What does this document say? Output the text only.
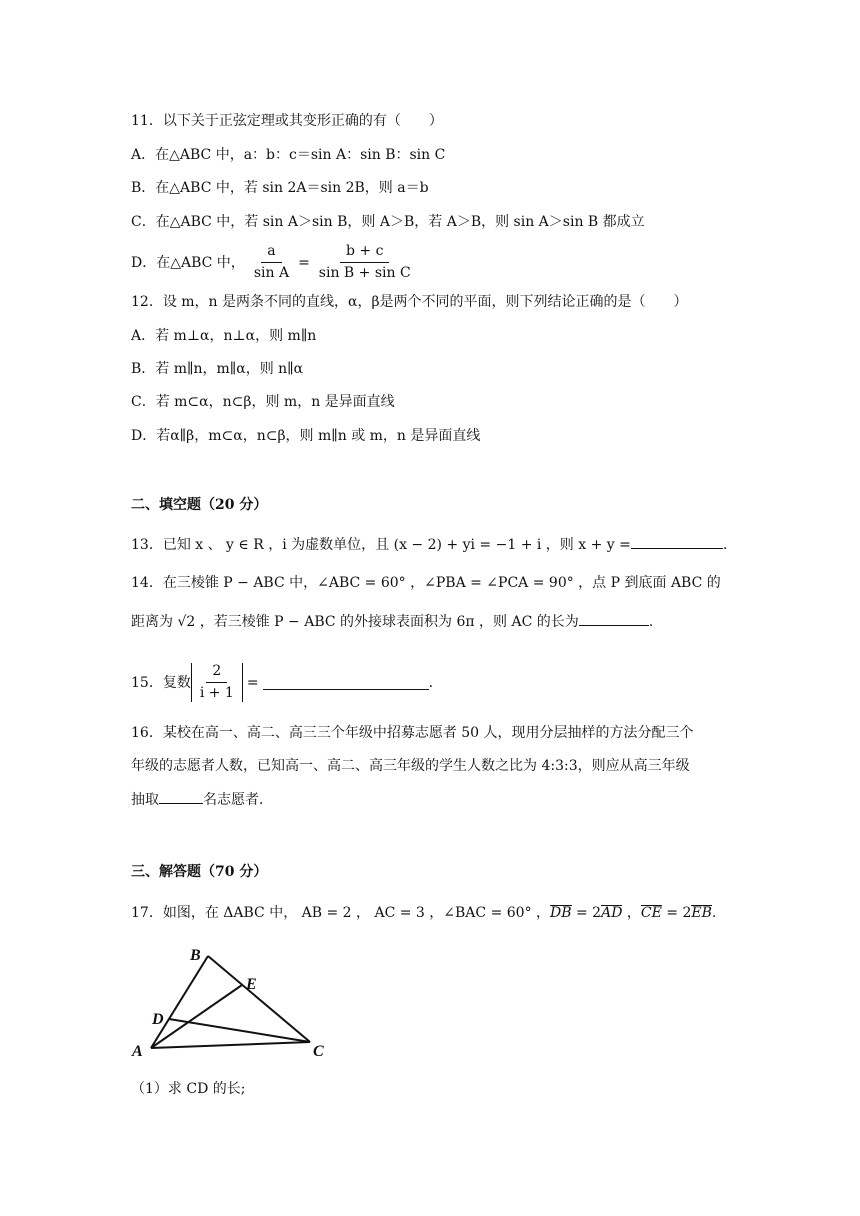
11．以下关于正弦定理或其变形正确的有（　　）
A．在△ABC 中，a：b：c＝sin A：sin B：sin C
B．在△ABC 中，若 sin 2A＝sin 2B，则 a＝b
C．在△ABC 中，若 sin A＞sin B，则 A＞B，若 A＞B，则 sin A＞sin B 都成立
D．在△ABC 中， $\frac{a}{\text{sin A}} = \frac{b + c}{\text{sin B + sin C}}$
12．设 m，n 是两条不同的直线，α，β是两个不同的平面，则下列结论正确的是（　　）
A．若 m⊥α，n⊥α，则 m∥n
B．若 m∥n，m∥α，则 n∥α
C．若 m⊂α，n⊂β，则 m，n 是异面直线
D．若α∥β，m⊂α，n⊂β，则 m∥n 或 m，n 是异面直线
二、填空题（20 分）
13．已知 x 、 y ∈ R ，i 为虚数单位，且 (x − 2) + yi = −1 + i ，则 x + y =	.
14．在三棱锥 P − ABC 中，∠ABC = 60° ，∠PBA = ∠PCA = 90° ，点 P 到底面 ABC 的
距离为 √2 ，若三棱锥 P − ABC 的外接球表面积为 6π ，则 AC 的长为	.
15．复数 $\frac{2}{i + 1}$ =	.
16．某校在高一、高二、高三三个年级中招募志愿者 50 人，现用分层抽样的方法分配三个
年级的志愿者人数，已知高一、高二、高三年级的学生人数之比为 4:3:3，则应从高三年级
抽取	名志愿者．
三、解答题（70 分）
17．如图，在 ΔABC 中， AB = 2 ， AC = 3 ，∠BAC = 60° ，DB = 2AD ，CE = 2EB.
B
E
D
A	C
（1）求 CD 的长;
